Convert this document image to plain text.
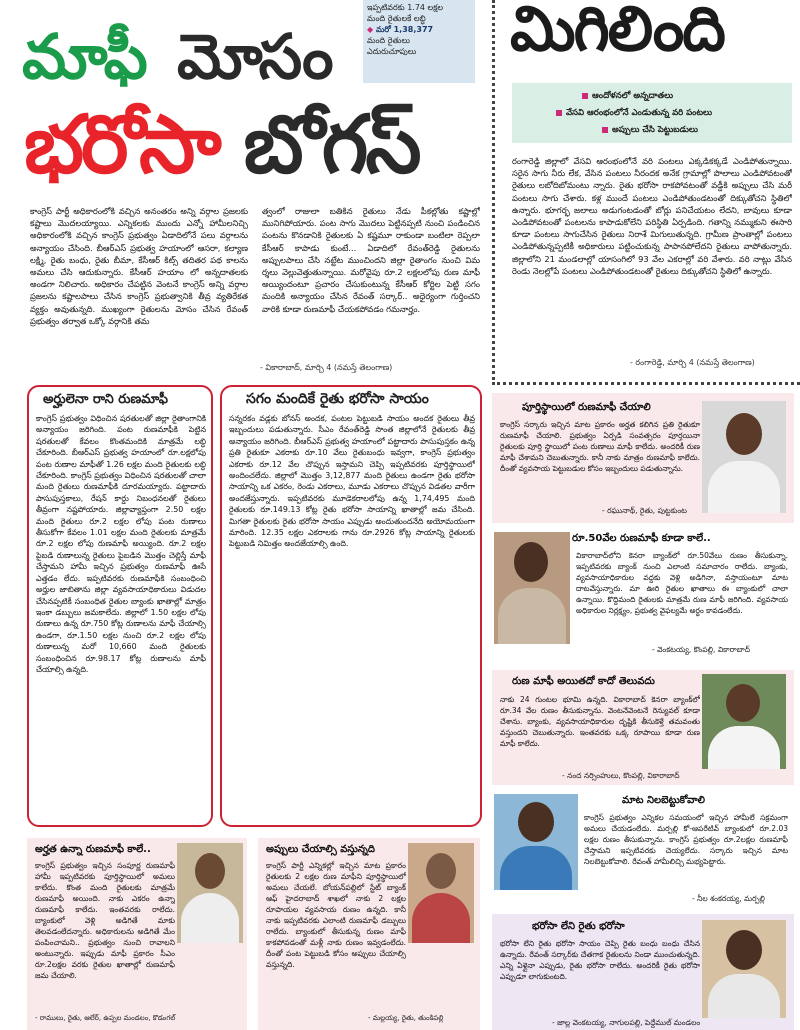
ఇప్పటివరకు 1.74 లక్షల
మంది రైతులకే లబ్ధి
◆ మరో 1,38,377
మంది రైతులు
ఎదురుచూపులు
మాఫీ మోసం
భరోసా బోగస్
కాంగ్రెస్ పార్టీ అధికారంలోకి వచ్చిన అనంతరం అన్ని వర్గాల ప్రజలకు కష్టాలు మొదలయ్యాయి. ఎన్నికలకు ముందు ఎన్నో హామీలనిచ్చి అధికారంలోకి వచ్చిన కాంగ్రెస్ ప్రభుత్వం ఏడాదిలోనే పలు వర్గాలను అన్యాయం చేసింది. బీఆర్ఎస్ ప్రభుత్వ హయాంలో ఆసరా, కల్యాణ లక్ష్మి, రైతు బంధు, రైతు బీమా, కేసీఆర్ కిట్స్ తదితర పథ కాలను అమలు చేసి ఆదుకున్నారు. కేసీఆర్ హయాం లో అన్నదాతలకు అండగా నిలిచారు. అధికారం చేపట్టిన వెంటనే కాంగ్రెస్ అన్ని వర్గాల ప్రజలను కష్టాలపాలు చేసిన కాంగ్రెస్ ప్రభుత్వానికి తీవ్ర వ్యతిరేకత వ్యక్తం అవుతున్నది. ముఖ్యంగా రైతులను మోసం చేసిన రేవంత్ ప్రభుత్వం తర్వాత ఒక్కో వర్గానికి తమ
త్వంలో రాజులా బతికిన రైతులు నేడు పీకల్లోతు కష్టాల్లో మునిగిపోయారు. పంట సాగు మొదలు పెట్టినప్పటి నుంచి పండించిన పంటను కొనడానికి రైతులకు ఏ కష్టమూ రాకుండా బంటిలా రెప్పలా కేసీఆర్ కాపాడు కుంటే... ఏడాదిలో రేవంత్‌రెడ్డి రైతులను అప్పులపాలు చేసి నట్టేట ముంచిందని జిల్లా రైతాంగం నుంచి విమ ర్శలు వెల్లువెత్తుతున్నాయి. మరోవైపు రూ.2 లక్షలలోపు రుణ మాఫీ అయ్యిందంటూ ప్రచారం చేసుకుంటున్న కేసీఆర్ కోర్టిల పెట్టి సగం మందికి అన్యాయం చేసిన రేవంత్ సర్కార్.. అధైర్యంగా గుర్తించని వారికి కూడా రుణమాఫీ చేయకపోవడం గమనార్హం.
- వికారాబాద్, మార్చి 4 (నమస్తే తెలంగాణ)
మిగిలింది
ఆందోళనలో అన్నదాతలు
వేసవి ఆరంభంలోనే ఎండుతున్న వరి పంటలు
అప్పులు చేసి పెట్టుబడులు
రంగారెడ్డి జిల్లాలో వేసవి ఆరంభంలోనే వరి పంటలు ఎక్కడికక్కడే ఎండిపోతున్నాయి. సరైన సాగు నీరు లేక, వేసిన పంటలు నీరందక అనేక గ్రామాల్లో పొలాలు ఎండిపోవటంతో రైతులు లబోదిబోమంటు న్నారు. రైతు భరోసా రాకపోవటంతో వడ్డీకి అప్పులు చేసి మరీ పంటలు సాగు చేశారు. కళ్ల ముందే పంటలు ఎండిపోతుండటంతో దిక్కుతోచని స్థితిలో ఉన్నారు. భూగర్భ జలాలు అడుగంటడంతో బోర్లు పనిచేయటం లేదని, బావులు కూడా ఎండిపోవటంతో పంటలను కాపాడుకోలేని పరిస్థితి ఏర్పడింది. గతాన్ని నమ్ముకుని ఈసారి కూడా పంటలు సాగుచేసిన రైతులు నిరాశే మిగులుతున్నది. గ్రామీణ ప్రాంతాల్లో పంటలు ఎండిపోతున్నప్పటికీ అధికారులు పట్టించుకున్న పాపానపోలేదని రైతులు వాపోతున్నారు. జిల్లాలోని 21 మండలాల్లో యాసంగిలో 93 వేల ఎకరాల్లో వరి వేశారు. వరి నాట్లు వేసిన రెండు నెలల్లోపే పంటలు ఎండిపోతుండటంతో రైతులు దిక్కుతోచని స్థితిలో ఉన్నారు.
- రంగారెడ్డి, మార్చి 4 (నమస్తే తెలంగాణ)
అర్హులెనా రాని రుణమాఫీ
కాంగ్రెస్ ప్రభుత్వం విధించిన షరతులతో జిల్లా రైతాంగానికి అన్యాయం జరిగింది. పంట రుణమాఫీకి పెట్టిన షరతులతో కేవలం కొంతమందికి మాత్రమే లబ్ధి చేకూరింది. బీఆర్ఎస్ ప్రభుత్వ హయాంలో రూ.లక్షలోపు పంట రుణాల మాఫీతో 1.26 లక్షల మంది రైతులకు లబ్ధి చేకూరింది. కాంగ్రెస్ ప్రభుత్వం విధించిన షరతులతో చాలా మంది రైతులు రుణమాఫీకి దూరమయ్యారు. పట్టాదారు పాసుపుస్తకాలు, రేషన్ కార్డు నిబంధనలతో రైతులు తీవ్రంగా నష్టపోయారు. జిల్లావ్యాప్తంగా 2.50 లక్షల మంది రైతులు రూ.2 లక్షల లోపు పంట రుణాలు తీసుకోగా కేవలం 1.01 లక్షల మంది రైతులకు మాత్రమే రూ.2 లక్షల లోపు రుణమాఫీ అయ్యింది. రూ.2 లక్షల పైబడి రుణాలున్న రైతులు పైబడిన మొత్తం చెల్లిస్తే మాఫీ చేస్తామని హామీ ఇచ్చిన ప్రభుత్వం రుణమాఫీ ఊసే ఎత్తడం లేదు. ఇప్పటివరకు రుణమాఫీకి సంబంధించి అర్హుల జాబితాను జిల్లా వ్యవసాయాధికారులు విడుదల చేసినప్పటికీ సంబంధిత రైతుల బ్యాంకు ఖాతాల్లో మాత్రం ఇంకా డబ్బులు జమకాలేదు. జిల్లాలో 1.50 లక్షల లోపు రుణాలు ఉన్న రూ.750 కోట్ల రుణాలను మాఫీ చేయాల్సి ఉండగా, రూ.1.50 లక్షల నుంచి రూ.2 లక్షల లోపు రుణాలున్న మరో 10,660 మంది రైతులకు సంబంధించిన రూ.98.17 కోట్ల రుణాలను మాఫీ చేయాల్సి ఉన్నది.
సగం మందికే రైతు భరోసా సాయం
సన్నరకం వడ్లకు బోనస్ అందక, పంటల పెట్టుబడి సాయం అందక రైతులు తీవ్ర ఇబ్బందులు పడుతున్నారు. సీఎం రేవంత్‌రెడ్డి సొంత జిల్లాలోనే రైతులకు తీవ్ర అన్యాయం జరిగింది. బీఆర్ఎస్ ప్రభుత్వ హయాంలో పట్టాదారు పాసుపుస్తకం ఉన్న ప్రతి రైతుకూ ఎకరాకు రూ.10 వేలు రైతుబంధు ఇవ్వగా, కాంగ్రెస్ ప్రభుత్వం ఎకరాకు రూ.12 వేల చొప్పున ఇస్తామని చెప్పి ఇప్పటివరకు పూర్తిస్థాయిలో అందించలేదు. జిల్లాలో మొత్తం 3,12,877 మంది రైతులు ఉండగా రైతు భరోసా సాయాన్ని ఒక ఎకరం, రెండు ఎకరాలు, మూడు ఎకరాలు చొప్పున విడతల వారీగా అందజేస్తున్నారు. ఇప్పటివరకు మూడెకరాలలోపు ఉన్న 1,74,495 మంది రైతులకు రూ.149.13 కోట్ల రైతు భరోసా సాయాన్ని ఖాతాల్లో జమ చేసింది. మిగతా రైతులకు రైతు భరోసా సాయం ఎప్పుడు అందుతుందనేది అయోమయంగా మారింది. 12.35 లక్షల ఎకరాలకు గాను రూ.2926 కోట్ల సాయాన్ని రైతులకు పెట్టుబడి నిమిత్తం అందజేయాల్సి ఉంది.
అర్హత ఉన్నా రుణమాఫీ కాలే..
కాంగ్రెస్ ప్రభుత్వం ఇచ్చిన సంపూర్ణ రుణమాఫీ హామీ ఇప్పటివరకు పూర్తిస్థాయిలో అమలు కాలేదు. కొంత మంది రైతులకు మాత్రమే రుణమాఫీ అయింది. నాకు ఎకరం ఉన్నా రుణమాఫీ కాలేదు. ఇంతవరకు రాలేదు. బ్యాంకులో వెళ్లి అడిగితే మాకు తెలవడంలేదన్నారు. అధికారులను అడిగితే మేం పంపించామని.. ప్రభుత్వం నుంచి రావాలని అంటున్నారు. ఇప్పుడు మాఫీ ప్రకారం సీఎం రూ.2లక్షల వరకు రైతుల ఖాతాల్లో రుణమాఫీ జమ చేయాలి.
- రాములు, రైతు, ఆలేర్, ఉప్పల మండలం, కొడంగల్
అప్పులు చేయాల్సి వస్తున్నది
కాంగ్రెస్ పార్టీ ఎన్నికల్లో ఇచ్చిన మాట ప్రకారం రైతులకు 2 లక్షల రుణ మాఫీని పూర్తిస్థాయిలో అమలు చేయలే. బోయన్‌పల్లిలో స్టేట్ బ్యాంక్ ఆఫ్ హైదరాబాద్ శాఖలో నాకు 2 లక్షల రూపాయల వ్యవసాయ రుణం ఉన్నది. కానీ నాకు ఇప్పటివరకు ఎలాంటి రుణమాఫీ డబ్బులు రాలేదు. బ్యాంకులో తీసుకున్న రుణం మాఫీ కాకపోవడంతో మళ్లీ నాకు రుణం ఇవ్వడంలేదు. దీంతో పంట పెట్టుబడి కోసం అప్పులు చేయాల్సి వస్తున్నది.
- మల్లయ్య, రైతు, తుంకిపల్లి
పూర్తిస్థాయిలో రుణమాఫీ చేయాలి
కాంగ్రెస్ సర్కారు ఇచ్చిన మాట ప్రకారం అర్హత కలిగిన ప్రతి రైతుకూ రుణమాఫీ చేయాలి. ప్రభుత్వం ఏర్పడి సంవత్సరం పూర్తయినా రైతులకు పూర్తి స్థాయిలో పంట రుణాలు మాఫీ కాలేదు. అందరికీ రుణ మాఫీ చేశామని చెబుతున్నారు. కానీ నాకు మాత్రం రుణమాఫీ కాలేదు. దీంతో వ్యవసాయ పెట్టుబడుల కోసం ఇబ్బందులు పడుతున్నాను.
- రఘునాథ్, రైతు, పుట్టకుంట
రూ.50వేల రుణమాఫీ కూడా కాలే..
వికారాబాద్‌లోని కెనరా బ్యాంక్‌లో రూ.50వేలు రుణం తీసుకున్నా. ఇప్పటివరకు బ్యాంక్ నుంచి ఎలాంటి సమాచారం రాలేదు. బ్యాంకు, వ్యవసాయాధికారుల వద్దకు వెళ్లి అడిగినా, వస్తాయంటూ మాట దాటవేస్తున్నారు. మా ఊరి రైతుల ఖాతాలు ఈ బ్యాంకులో చాలా ఉన్నాయి. కొద్దిమంది రైతులకు మాత్రమే రుణ మాఫీ జరిగింది. వ్యవసాయ అధికారుల నిర్లక్ష్యం, ప్రభుత్వ వైఫల్యమే అర్థం కావడంలేదు.
- వెంకటయ్య, కొంపల్లి, వికారాబాద్
రుణ మాఫీ అయితదో కాదో తెలువదు
నాకు 24 గుంటల భూమి ఉన్నది. వికారాబాద్ కెనరా బ్యాంక్‌లో రూ.34 వేల రుణం తీసుకున్నాను. వెంటనేవెంటనే రెన్యువల్ కూడా చేశాను. బ్యాంకు, వ్యవసాయాధికారుల దృష్టికి తీసుకెళ్తే తమవంతు వస్తుందని చెబుతున్నారు. ఇంతవరకు ఒక్క రూపాయి కూడా రుణ మాఫీ కాలేదు.
- నంద నర్సింహులు, కొంపల్లి, వికారాబాద్
మాట నిలబెట్టుకోవాలి
కాంగ్రెస్ ప్రభుత్వం ఎన్నికల సమయంలో ఇచ్చిన హామీలే సక్రమంగా అమలు చేయడంలేదు. మర్పల్లి కో-ఆపరేటివ్ బ్యాంకులో రూ.2.03 లక్షల రుణం తీసుకున్నాను. కాంగ్రెస్ ప్రభుత్వం రూ.2లక్షల రుణమాఫీ చేస్తామని ఇప్పటివరకు చెయ్యలేదు. సర్కారు ఇచ్చిన మాట నిలబెట్టుకోవాలి. రేవంత్ హామీలిచ్చి మభ్యపెట్టారు.
- నీల శంకరయ్య, మర్పల్లి
భరోసా లేని రైతు భరోసా
భరోసా లేని రైతు భరోసా సాయం చెప్పి రైతు బంధు బంధు చేసిన ఉన్నాదు. రేవంత్ సర్కార్‌కు చేతగాక రైతులను నిండా ముంచుతున్నది. ఎన్ని ఏళ్లైనా ఎప్పుడు, రైతు భరోసా రాలేదు. అందరికీ రైతు భరోసా ఎప్పుడూ లాగుకుంటది.
- జాల్ల వెంకటయ్య, నాగులపల్లి, పెద్దేముల్ మండలం
